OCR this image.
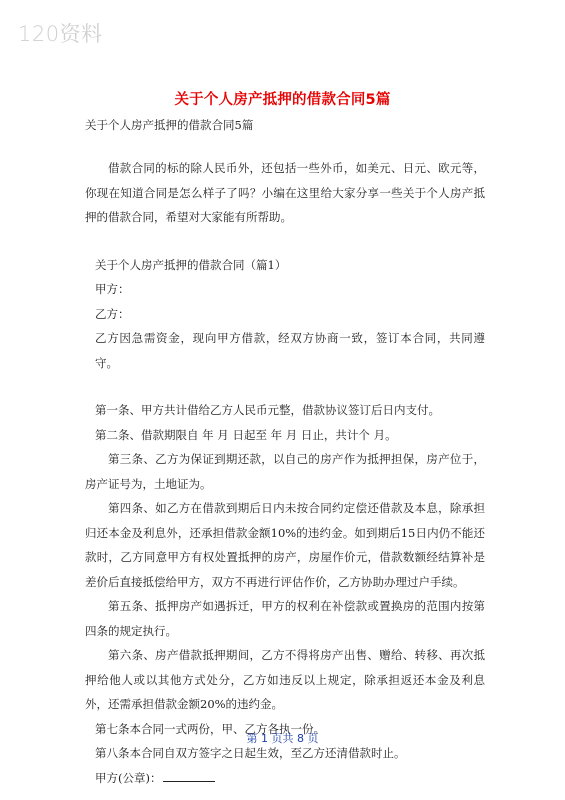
120资料
关于个人房产抵押的借款合同5篇
关于个人房产抵押的借款合同5篇

借款合同的标的除人民币外，还包括一些外币，如美元、日元、欧元等，你现在知道合同是怎么样子了吗？小编在这里给大家分享一些关于个人房产抵押的借款合同，希望对大家能有所帮助。

关于个人房产抵押的借款合同（篇1）

甲方：

乙方：

乙方因急需资金，现向甲方借款，经双方协商一致，签订本合同，共同遵守。

第一条、甲方共计借给乙方人民币元整，借款协议签订后日内支付。

第二条、借款期限自 年 月 日起至 年 月 日止，共计个 月。

第三条、乙方为保证到期还款，以自己的房产作为抵押担保，房产位于，房产证号为，土地证为。

第四条、如乙方在借款到期后日内未按合同约定偿还借款及本息，除承担归还本金及利息外，还承担借款金额10%的违约金。如到期后15日内仍不能还款时，乙方同意甲方有权处置抵押的房产，房屋作价元，借款数额经结算补是差价后直接抵偿给甲方，双方不再进行评估作价，乙方协助办理过户手续。

第五条、抵押房产如遇拆迁，甲方的权利在补偿款或置换房的范围内按第四条的规定执行。

第六条、房产借款抵押期间，乙方不得将房产出售、赠给、转移、再次抵押给他人或以其他方式处分，乙方如违反以上规定，除承担返还本金及利息外，还需承担借款金额20%的违约金。

第七条本合同一式两份，甲、乙方各执一份。

第八条本合同自双方签字之日起生效，至乙方还清借款时止。

甲方(公章)：

第 1 页共 8 页
